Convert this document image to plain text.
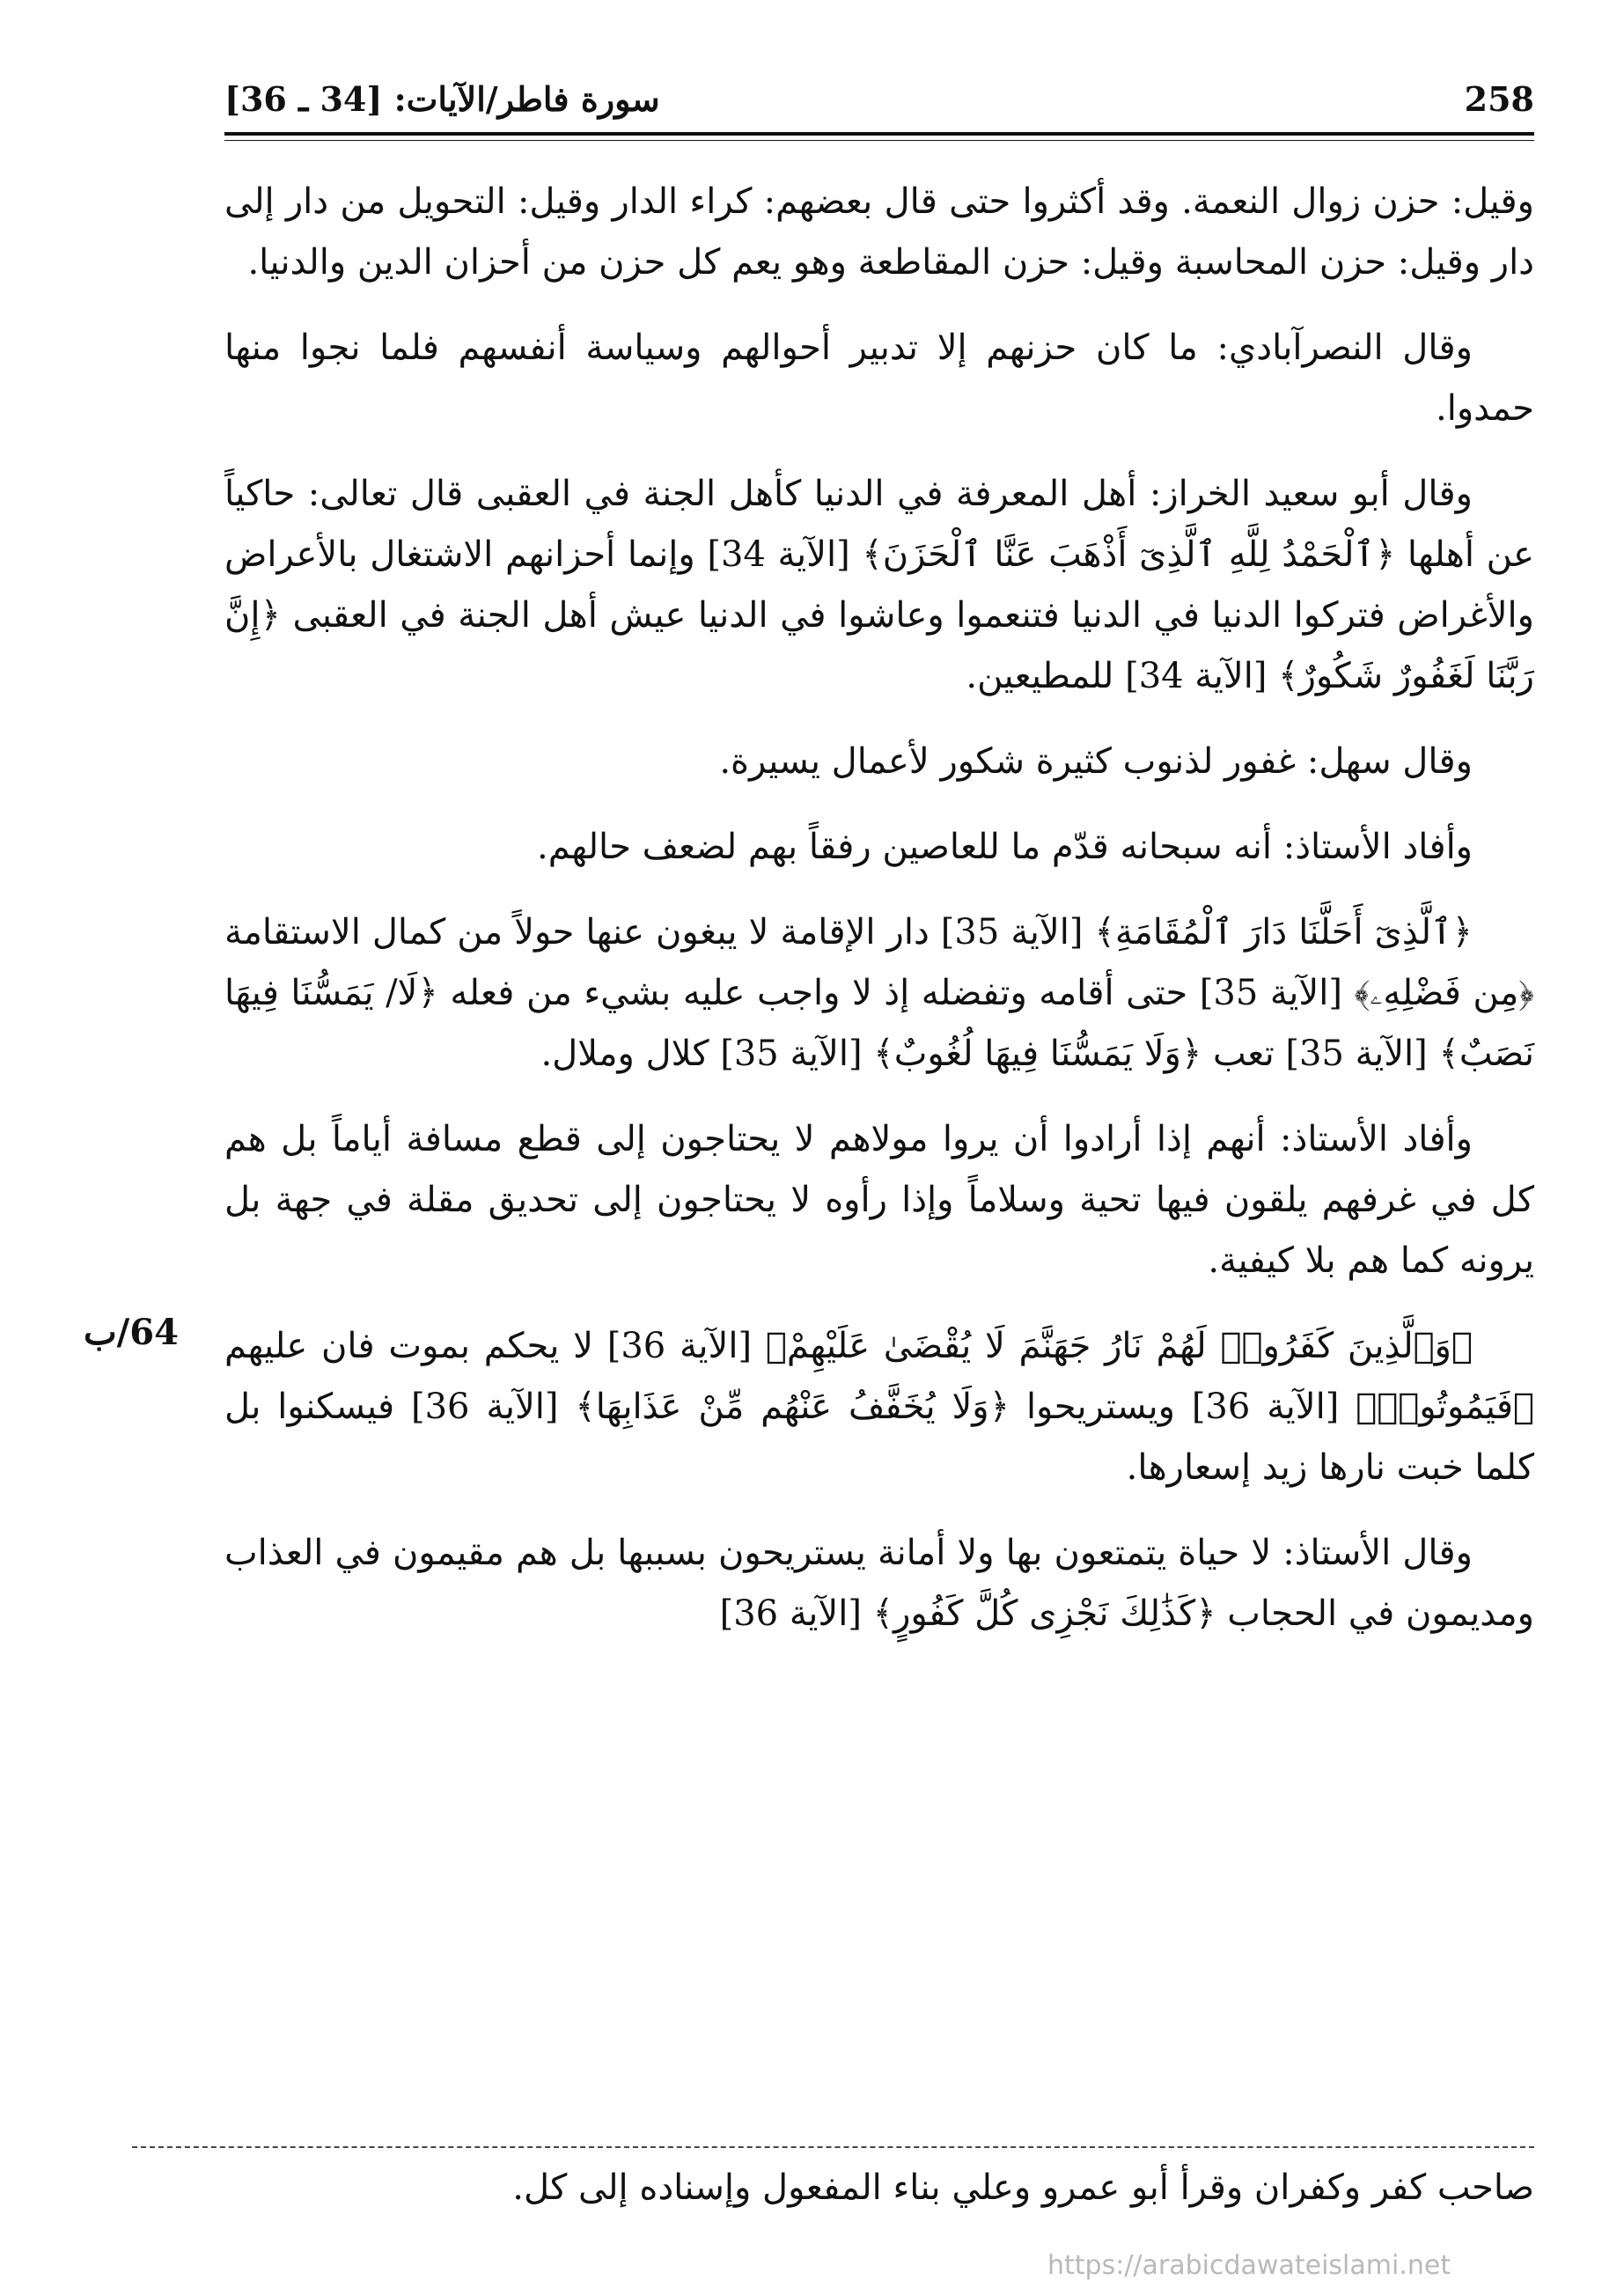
سورة فاطر/الآيات: [34 ـ 36]	258

وقيل: حزن زوال النعمة. وقد أكثروا حتى قال بعضهم: كراء الدار وقيل: التحويل من دار إلى دار وقيل: حزن المحاسبة وقيل: حزن المقاطعة وهو يعم كل حزن من أحزان الدين والدنيا.

وقال النصرآبادي: ما كان حزنهم إلا تدبير أحوالهم وسياسة أنفسهم فلما نجوا منها حمدوا.

وقال أبو سعيد الخراز: أهل المعرفة في الدنيا كأهل الجنة في العقبى قال تعالى: حاكياً عن أهلها ﴿ٱلْحَمْدُ لِلَّهِ ٱلَّذِىٓ أَذْهَبَ عَنَّا ٱلْحَزَنَ﴾ [الآية 34] وإنما أحزانهم الاشتغال بالأعراض والأغراض فتركوا الدنيا في الدنيا فتنعموا وعاشوا في الدنيا عيش أهل الجنة في العقبى ﴿إِنَّ رَبَّنَا لَغَفُورٌ شَكُورٌ﴾ [الآية 34] للمطيعين.

وقال سهل: غفور لذنوب كثيرة شكور لأعمال يسيرة.

وأفاد الأستاذ: أنه سبحانه قدّم ما للعاصين رفقاً بهم لضعف حالهم.

﴿ٱلَّذِىٓ أَحَلَّنَا دَارَ ٱلْمُقَامَةِ﴾ [الآية 35] دار الإقامة لا يبغون عنها حولاً من كمال الاستقامة ﴿مِن فَضْلِهِۦ﴾ [الآية 35] حتى أقامه وتفضله إذ لا واجب عليه بشيء من فعله ﴿لَا/ يَمَسُّنَا فِيهَا نَصَبٌ﴾ [الآية 35] تعب ﴿وَلَا يَمَسُّنَا فِيهَا لُغُوبٌ﴾ [الآية 35] كلال وملال.

وأفاد الأستاذ: أنهم إذا أرادوا أن يروا مولاهم لا يحتاجون إلى قطع مسافة أياماً بل هم كل في غرفهم يلقون فيها تحية وسلاماً وإذا رأوه لا يحتاجون إلى تحديق مقلة في جهة بل يرونه كما هم بلا كيفية.

﴿وَٱلَّذِينَ كَفَرُوا۟ لَهُمْ نَارُ جَهَنَّمَ لَا يُقْضَىٰ عَلَيْهِمْ﴾ [الآية 36] لا يحكم بموت فان عليهم ﴿فَيَمُوتُوا۟﴾ [الآية 36] ويستريحوا ﴿وَلَا يُخَفَّفُ عَنْهُم مِّنْ عَذَابِهَا﴾ [الآية 36] فيسكنوا بل كلما خبت نارها زيد إسعارها.

وقال الأستاذ: لا حياة يتمتعون بها ولا أمانة يستريحون بسببها بل هم مقيمون في العذاب ومديمون في الحجاب ﴿كَذَٰلِكَ نَجْزِى كُلَّ كَفُورٍ﴾ [الآية 36]

64/ب
صاحب كفر وكفران وقرأ أبو عمرو وعلي بناء المفعول وإسناده إلى كل.
https://arabicdawateislami.net
